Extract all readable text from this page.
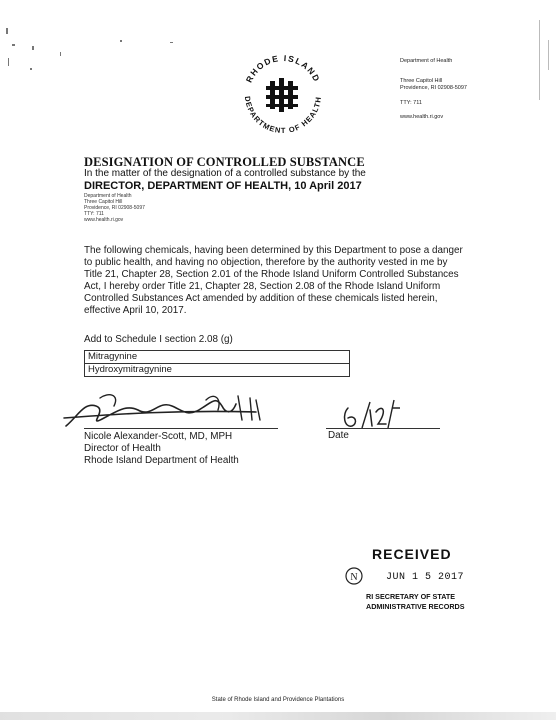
RHODE ISLAND
DEPARTMENT OF HEALTH
Department of Health
Three Capitol Hill
Providence, RI 02908-5097
TTY: 711
www.health.ri.gov
DESIGNATION OF CONTROLLED SUBSTANCE
In the matter of the designation of a controlled substance by the
DIRECTOR, DEPARTMENT OF HEALTH, 10 April 2017
Department of Health
Three Capitol Hill
Providence, RI 02908-5097
TTY: 711
www.health.ri.gov
The following chemicals, having been determined by this Department to pose a danger to public health, and having no objection, therefore by the authority vested in me by Title 21, Chapter 28, Section 2.01 of the Rhode Island Uniform Controlled Substances Act, I hereby order Title 21, Chapter 28, Section 2.08 of the Rhode Island Uniform Controlled Substances Act amended by addition of these chemicals listed herein, effective April 10, 2017.
Add to Schedule I section 2.08 (g)
Mitragynine
Hydroxymitragynine
6/12/17
Date
Nicole Alexander-Scott, MD, MPH
Director of Health
Rhode Island Department of Health
RECEIVED
N	JUN 1 5 2017
RI SECRETARY OF STATE
ADMINISTRATIVE RECORDS
State of Rhode Island and Providence Plantations
